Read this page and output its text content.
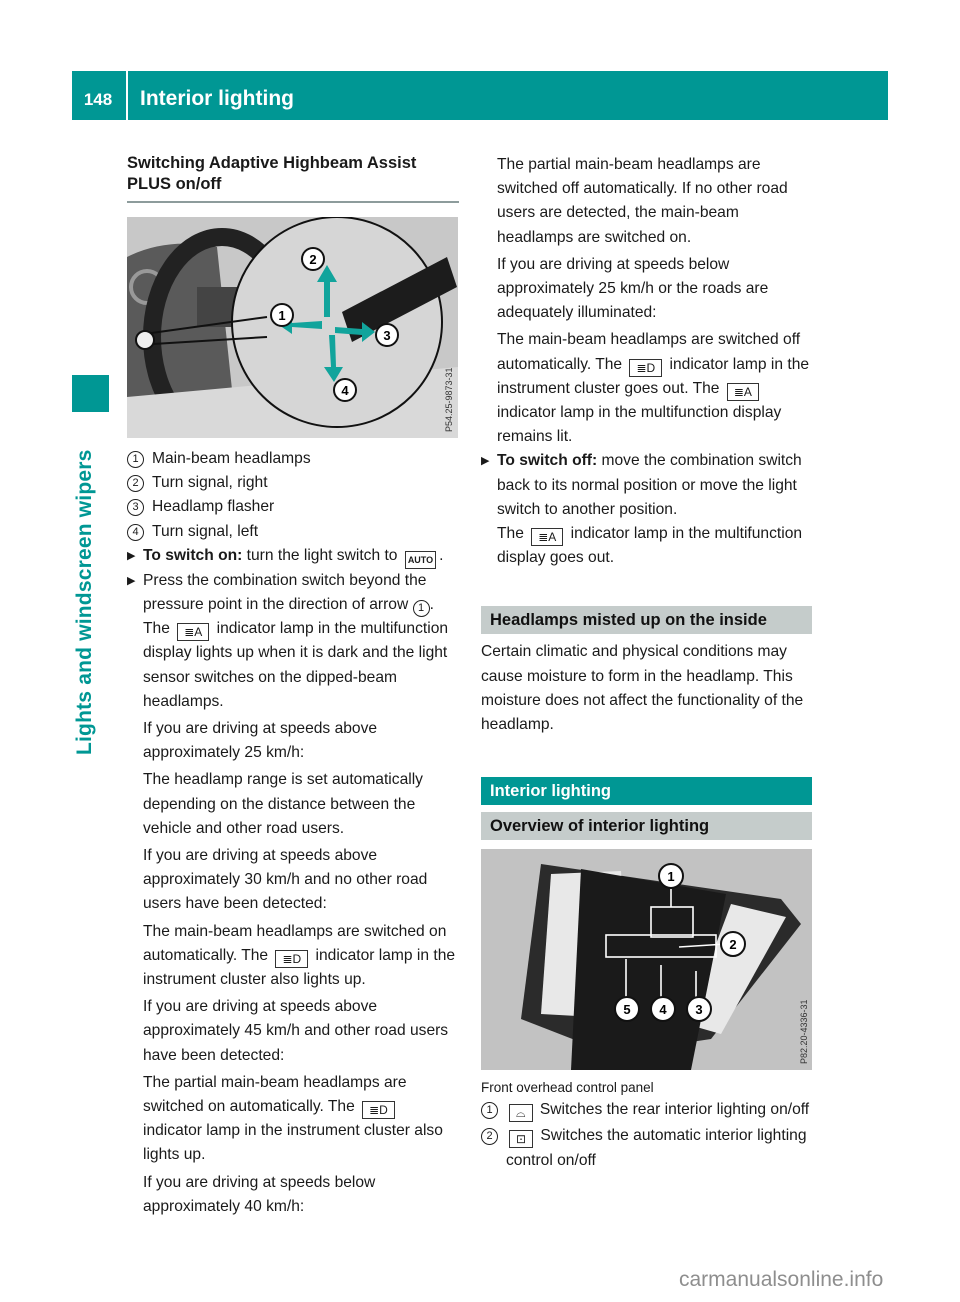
148	Interior lighting
Lights and windscreen wipers
Switching Adaptive Highbeam Assist PLUS on/off
2
1
3
4	P54.25-9873-31
1 Main-beam headlamps
2 Turn signal, right
3 Headlamp flasher
4 Turn signal, left
▶ To switch on: turn the light switch to AUTO .
▶ Press the combination switch beyond the pressure point in the direction of arrow 1 .
The ≣A indicator lamp in the multifunction display lights up when it is dark and the light sensor switches on the dipped-beam headlamps.
If you are driving at speeds above approximately 25 km/h:
The headlamp range is set automatically depending on the distance between the vehicle and other road users.
If you are driving at speeds above approximately 30 km/h and no other road users have been detected:
The main-beam headlamps are switched on automatically. The ≣D indicator lamp in the instrument cluster also lights up.
If you are driving at speeds above approximately 45 km/h and other road users have been detected:
The partial main-beam headlamps are switched on automatically. The ≣D indicator lamp in the instrument cluster also lights up.
If you are driving at speeds below approximately 40 km/h:
The partial main-beam headlamps are switched off automatically. If no other road users are detected, the main-beam headlamps are switched on.
If you are driving at speeds below approximately 25 km/h or the roads are adequately illuminated:
The main-beam headlamps are switched off automatically. The ≣D indicator lamp in the instrument cluster goes out. The ≣A indicator lamp in the multifunction display remains lit.
▶ To switch off: move the combination switch back to its normal position or move the light switch to another position.
The ≣A indicator lamp in the multifunction display goes out.
Headlamps misted up on the inside
Certain climatic and physical conditions may cause moisture to form in the headlamp. This moisture does not affect the functionality of the headlamp.
Interior lighting
Overview of interior lighting
1
2
3
4
5	P82.20-4336-31
Front overhead control panel
1	⌓ Switches the rear interior lighting on/off
2	⊡ Switches the automatic interior lighting control on/off
carmanualsonline.info
